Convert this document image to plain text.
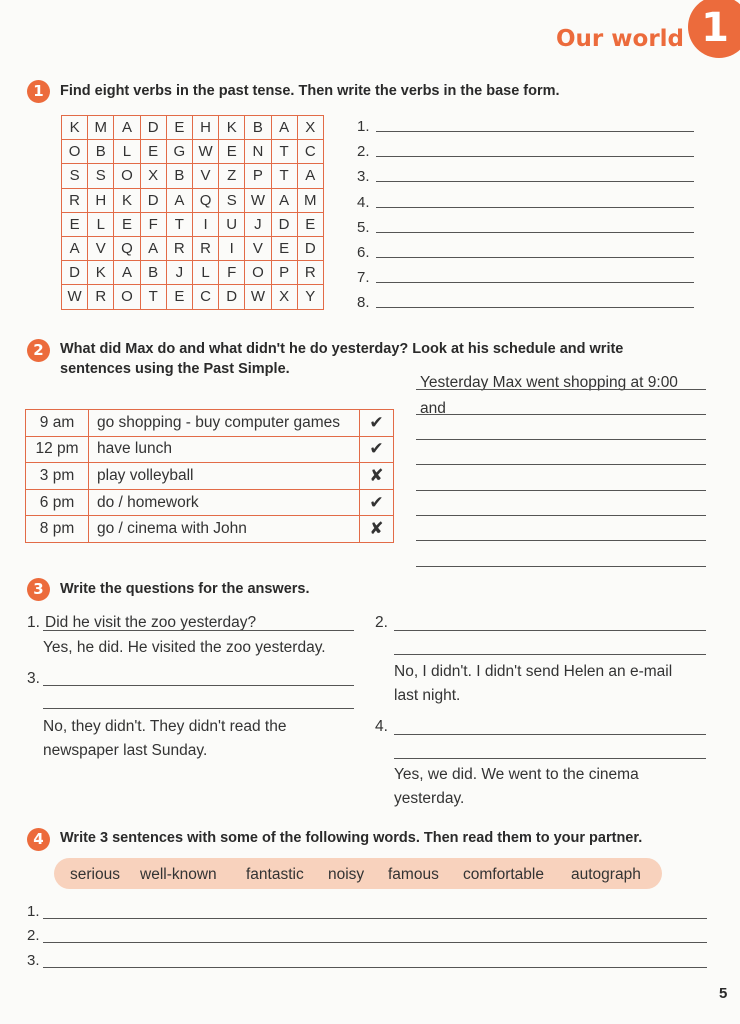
Our world 1
1	Find eight verbs in the past tense. Then write the verbs in the base form.
K	M	A	D	E	H	K	B	A	X
O	B	L	E	G	W	E	N	T	C
S	S	O	X	B	V	Z	P	T	A
R	H	K	D	A	Q	S	W	A	M
E	L	E	F	T	I	U	J	D	E
A	V	Q	A	R	R	I	V	E	D
D	K	A	B	J	L	F	O	P	R
W	R	O	T	E	C	D	W	X	Y
1.
2.
3.
4.
5.
6.
7.
8.
2	What did Max do and what didn't he do yesterday? Look at his schedule and write
sentences using the Past Simple.
9 am	go shopping - buy computer games	✔
12 pm	have lunch	✔
3 pm	play volleyball	✘
6 pm	do / homework	✔
8 pm	go / cinema with John	✘
Yesterday Max went shopping at 9:00
and
3	Write the questions for the answers.
1. Did he visit the zoo yesterday?
Yes, he did. He visited the zoo yesterday.
2.
No, I didn't. I didn't send Helen an e-mail
last night.
3.
No, they didn't. They didn't read the
newspaper last Sunday.
4.
Yes, we did. We went to the cinema
yesterday.
4	Write 3 sentences with some of the following words. Then read them to your partner.
serious well-known fantastic noisy famous comfortable autograph
1.
2.
3.
5
